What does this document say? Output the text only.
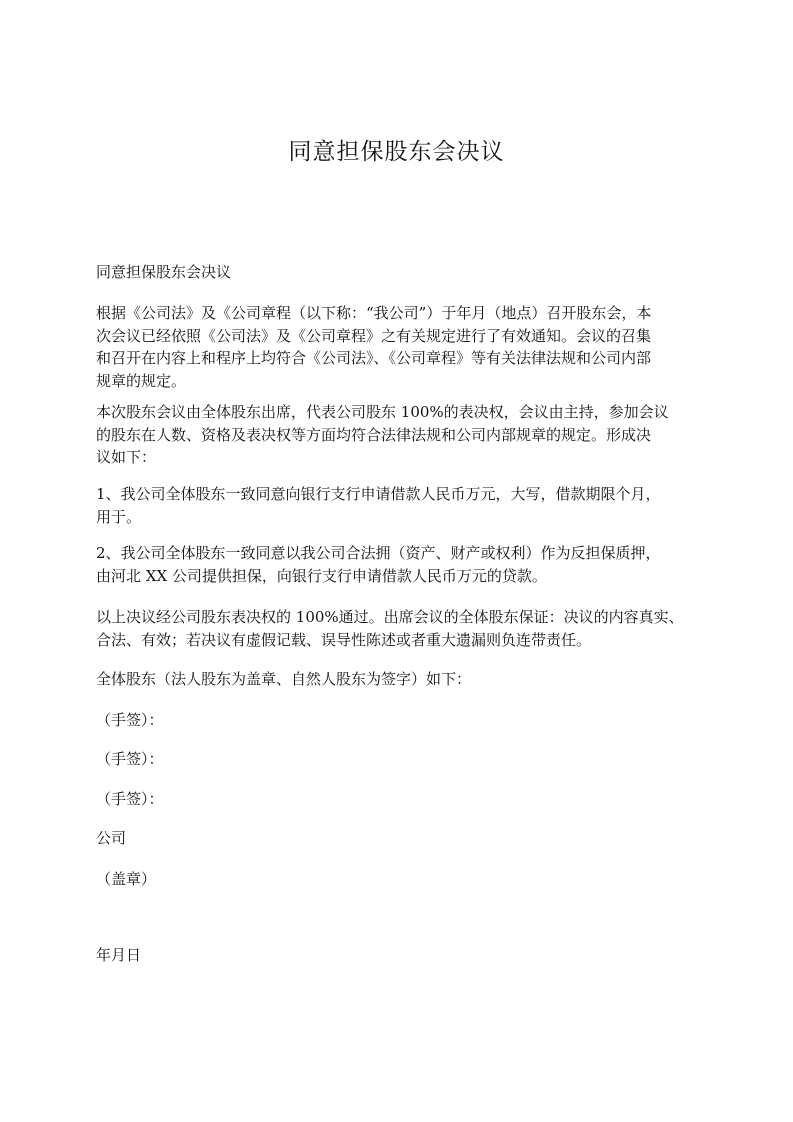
同意担保股东会决议
同意担保股东会决议
根据《公司法》及《公司章程（以下称：“我公司”）于年月（地点）召开股东会，本
次会议已经依照《公司法》及《公司章程》之有关规定进行了有效通知。会议的召集
和召开在内容上和程序上均符合《公司法》、《公司章程》等有关法律法规和公司内部
规章的规定。
本次股东会议由全体股东出席，代表公司股东 100%的表决权，会议由主持，参加会议
的股东在人数、资格及表决权等方面均符合法律法规和公司内部规章的规定。形成决
议如下：
1、我公司全体股东一致同意向银行支行申请借款人民币万元，大写，借款期限个月，
用于。
2、我公司全体股东一致同意以我公司合法拥（资产、财产或权利）作为反担保质押，
由河北 XX 公司提供担保，向银行支行申请借款人民币万元的贷款。
以上决议经公司股东表决权的 100%通过。出席会议的全体股东保证：决议的内容真实、
合法、有效；若决议有虚假记载、误导性陈述或者重大遗漏则负连带责任。
全体股东（法人股东为盖章、自然人股东为签字）如下：
（手签）：
（手签）：
（手签）：
公司
（盖章）
年月日
